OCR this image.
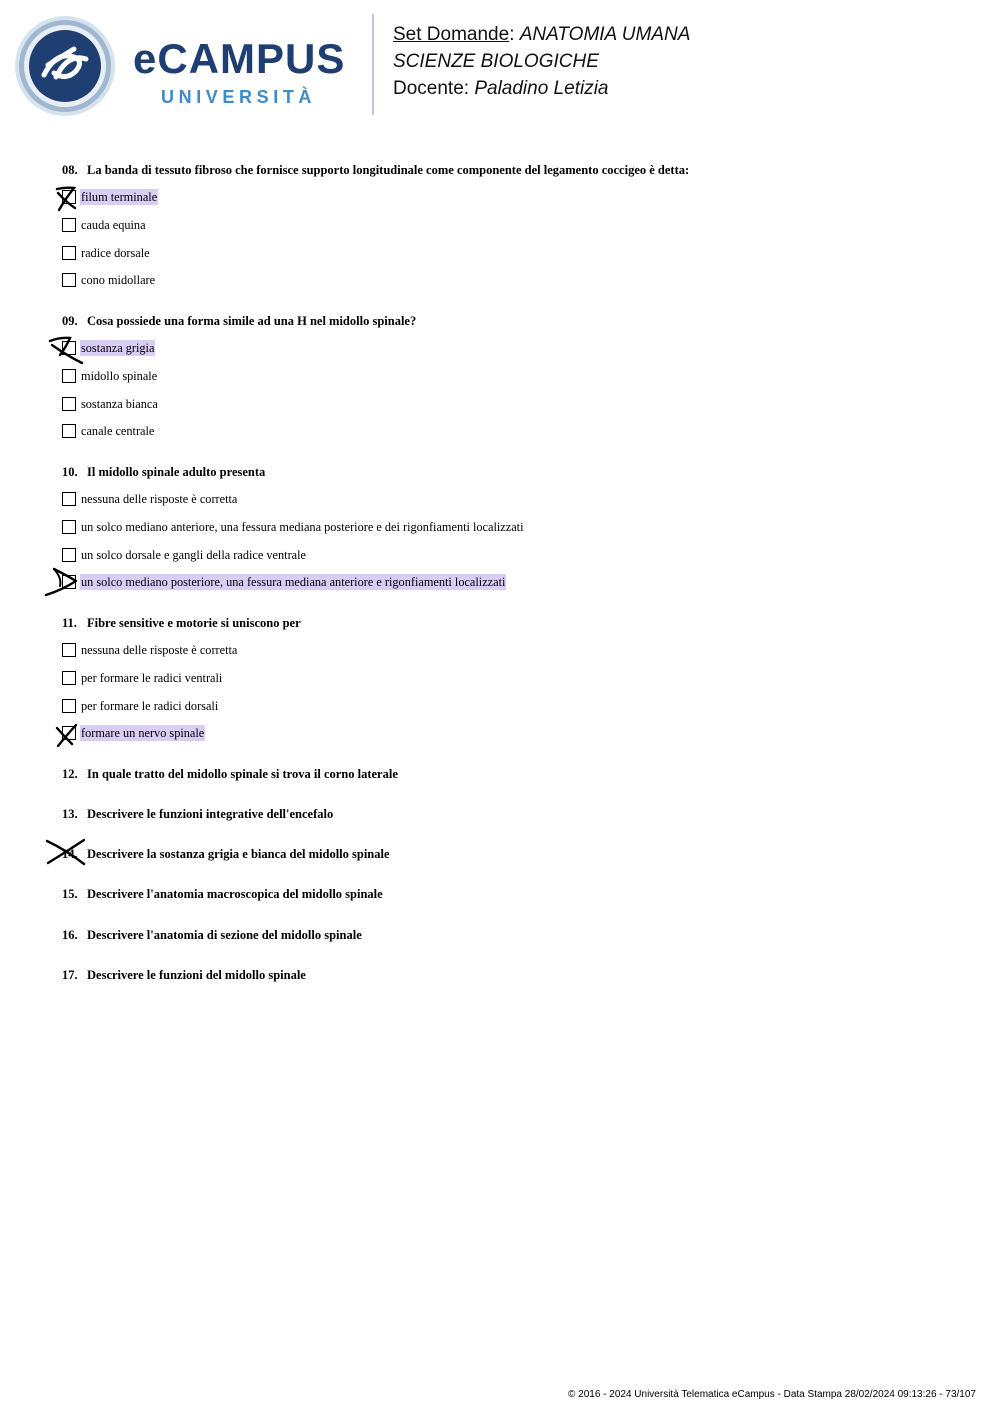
eCAMPUS
UNIVERSITÀ
Set Domande: ANATOMIA UMANA
SCIENZE BIOLOGICHE
Docente: Paladino Letizia
08. La banda di tessuto fibroso che fornisce supporto longitudinale come componente del legamento coccigeo è detta:
filum terminale
cauda equina
radice dorsale
cono midollare
09. Cosa possiede una forma simile ad una H nel midollo spinale?
sostanza grigia
midollo spinale
sostanza bianca
canale centrale
10. Il midollo spinale adulto presenta
nessuna delle risposte è corretta
un solco mediano anteriore, una fessura mediana posteriore e dei rigonfiamenti localizzati
un solco dorsale e gangli della radice ventrale
un solco mediano posteriore, una fessura mediana anteriore e rigonfiamenti localizzati
11. Fibre sensitive e motorie si uniscono per
nessuna delle risposte è corretta
per formare le radici ventrali
per formare le radici dorsali
formare un nervo spinale
12. In quale tratto del midollo spinale si trova il corno laterale
13. Descrivere le funzioni integrative dell'encefalo
14. Descrivere la sostanza grigia e bianca del midollo spinale
15. Descrivere l'anatomia macroscopica del midollo spinale
16. Descrivere l'anatomia di sezione del midollo spinale
17. Descrivere le funzioni del midollo spinale
© 2016 - 2024 Università Telematica eCampus - Data Stampa 28/02/2024 09:13:26 - 73/107
